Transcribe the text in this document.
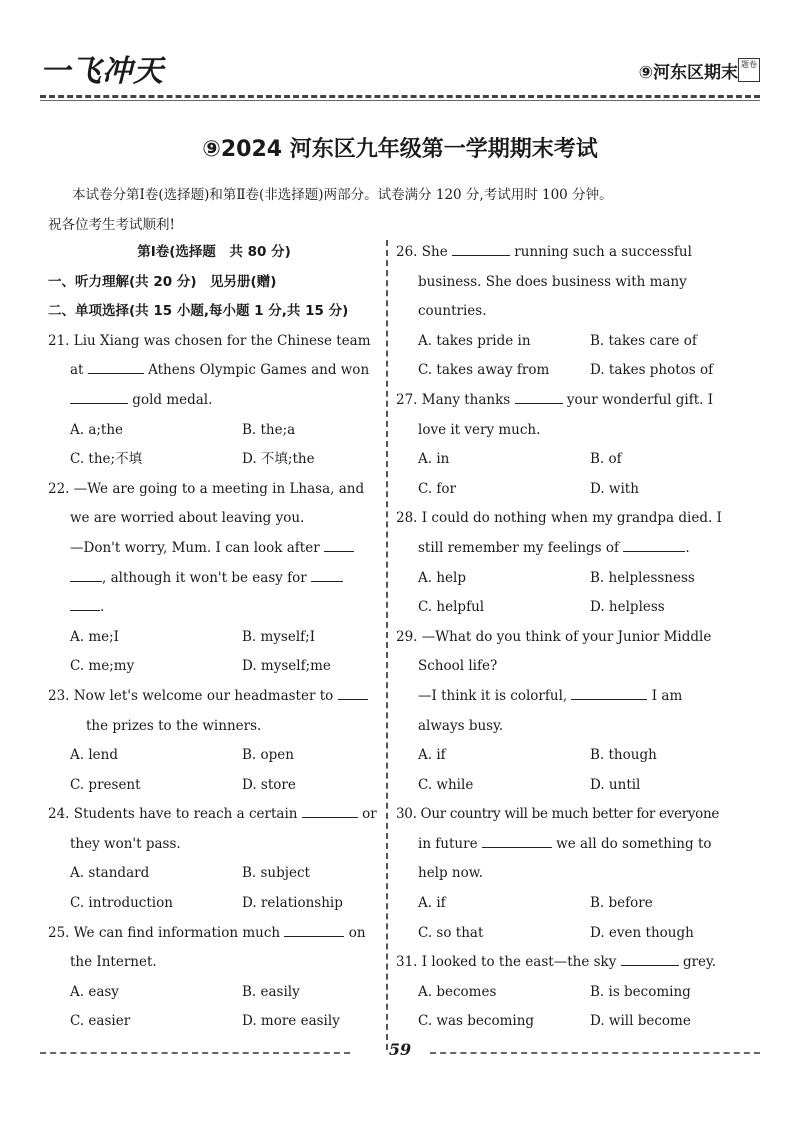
一飞冲天	⑨河东区期末 题卷
⑨2024 河东区九年级第一学期期末考试
本试卷分第Ⅰ卷(选择题)和第Ⅱ卷(非选择题)两部分。试卷满分 120 分,考试用时 100 分钟。
祝各位考生考试顺利!
第Ⅰ卷(选择题　共 80 分)
一、听力理解(共 20 分)　见另册(赠)
二、单项选择(共 15 小题,每小题 1 分,共 15 分)
21. Liu Xiang was chosen for the Chinese team
at	Athens Olympic Games and won
gold medal.
A. a;the	B. the;a
C. the;不填	D. 不填;the
22. —We are going to a meeting in Lhasa, and
we are worried about leaving you.
—Don't worry, Mum. I can look after
, although it won't be easy for
.
A. me;I	B. myself;I
C. me;my	D. myself;me
23. Now let's welcome our headmaster to
the prizes to the winners.
A. lend	B. open
C. present	D. store
24. Students have to reach a certain	or
they won't pass.
A. standard	B. subject
C. introduction	D. relationship
25. We can find information much	on
the Internet.
A. easy	B. easily
C. easier	D. more easily
26. She	running such a successful
business. She does business with many
countries.
A. takes pride in	B. takes care of
C. takes away from	D. takes photos of
27. Many thanks	your wonderful gift. I
love it very much.
A. in	B. of
C. for	D. with
28. I could do nothing when my grandpa died. I
still remember my feelings of	.
A. help	B. helplessness
C. helpful	D. helpless
29. —What do you think of your Junior Middle
School life?
—I think it is colorful,	I am
always busy.
A. if	B. though
C. while	D. until
30. Our country will be much better for everyone
in future	we all do something to
help now.
A. if	B. before
C. so that	D. even though
31. I looked to the east—the sky	grey.
A. becomes	B. is becoming
C. was becoming	D. will become
59
